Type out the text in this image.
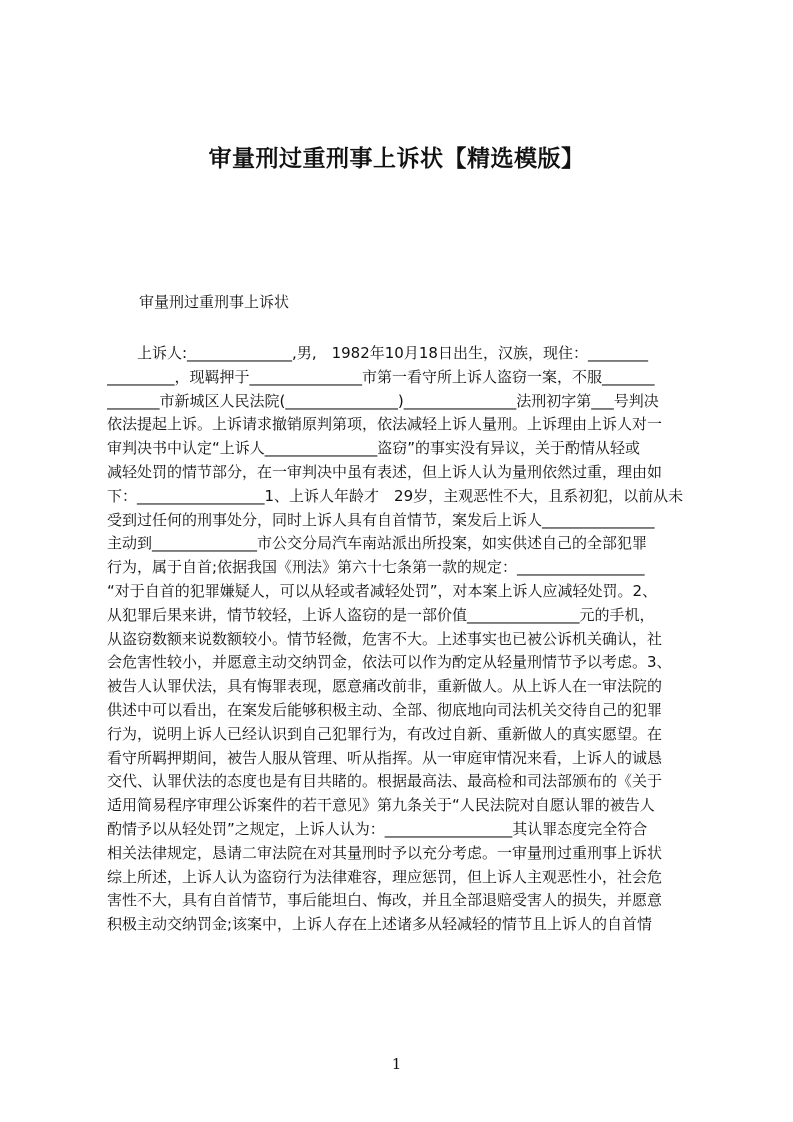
审量刑过重刑事上诉状【精选模版】
审量刑过重刑事上诉状
　　上诉人:______________,男,　1982年10月18日出生，汉族，现住：________
_________，现羁押于_______________市第一看守所上诉人盗窃一案，不服_______
_______市新城区人民法院(_______________)_______________法刑初字第___号判决
依法提起上诉。上诉请求撤销原判第项，依法减轻上诉人量刑。上诉理由上诉人对一
审判决书中认定“上诉人_______________盗窃”的事实没有异议，关于酌情从轻或
减轻处罚的情节部分，在一审判决中虽有表述，但上诉人认为量刑依然过重，理由如
下：_________________1、上诉人年龄才　29岁，主观恶性不大，且系初犯，以前从未
受到过任何的刑事处分，同时上诉人具有自首情节，案发后上诉人_______________
主动到______________市公交分局汽车南站派出所投案，如实供述自己的全部犯罪
行为，属于自首;依据我国《刑法》第六十七条第一款的规定：_________________
“对于自首的犯罪嫌疑人，可以从轻或者减轻处罚”，对本案上诉人应减轻处罚。2、
从犯罪后果来讲，情节较轻，上诉人盗窃的是一部价值_______________元的手机，
从盗窃数额来说数额较小。情节轻微，危害不大。上述事实也已被公诉机关确认，社
会危害性较小，并愿意主动交纳罚金，依法可以作为酌定从轻量刑情节予以考虑。3、
被告人认罪伏法，具有悔罪表现，愿意痛改前非，重新做人。从上诉人在一审法院的
供述中可以看出，在案发后能够积极主动、全部、彻底地向司法机关交待自己的犯罪
行为，说明上诉人已经认识到自己犯罪行为，有改过自新、重新做人的真实愿望。在
看守所羁押期间，被告人服从管理、听从指挥。从一审庭审情况来看，上诉人的诚恳
交代、认罪伏法的态度也是有目共睹的。根据最高法、最高检和司法部颁布的《关于
适用简易程序审理公诉案件的若干意见》第九条关于“人民法院对自愿认罪的被告人
酌情予以从轻处罚”之规定，上诉人认为：_________________其认罪态度完全符合
相关法律规定，恳请二审法院在对其量刑时予以充分考虑。一审量刑过重刑事上诉状
综上所述，上诉人认为盗窃行为法律难容，理应惩罚，但上诉人主观恶性小，社会危
害性不大，具有自首情节，事后能坦白、悔改，并且全部退赔受害人的损失，并愿意
积极主动交纳罚金;该案中，上诉人存在上述诸多从轻减轻的情节且上诉人的自首情
1
